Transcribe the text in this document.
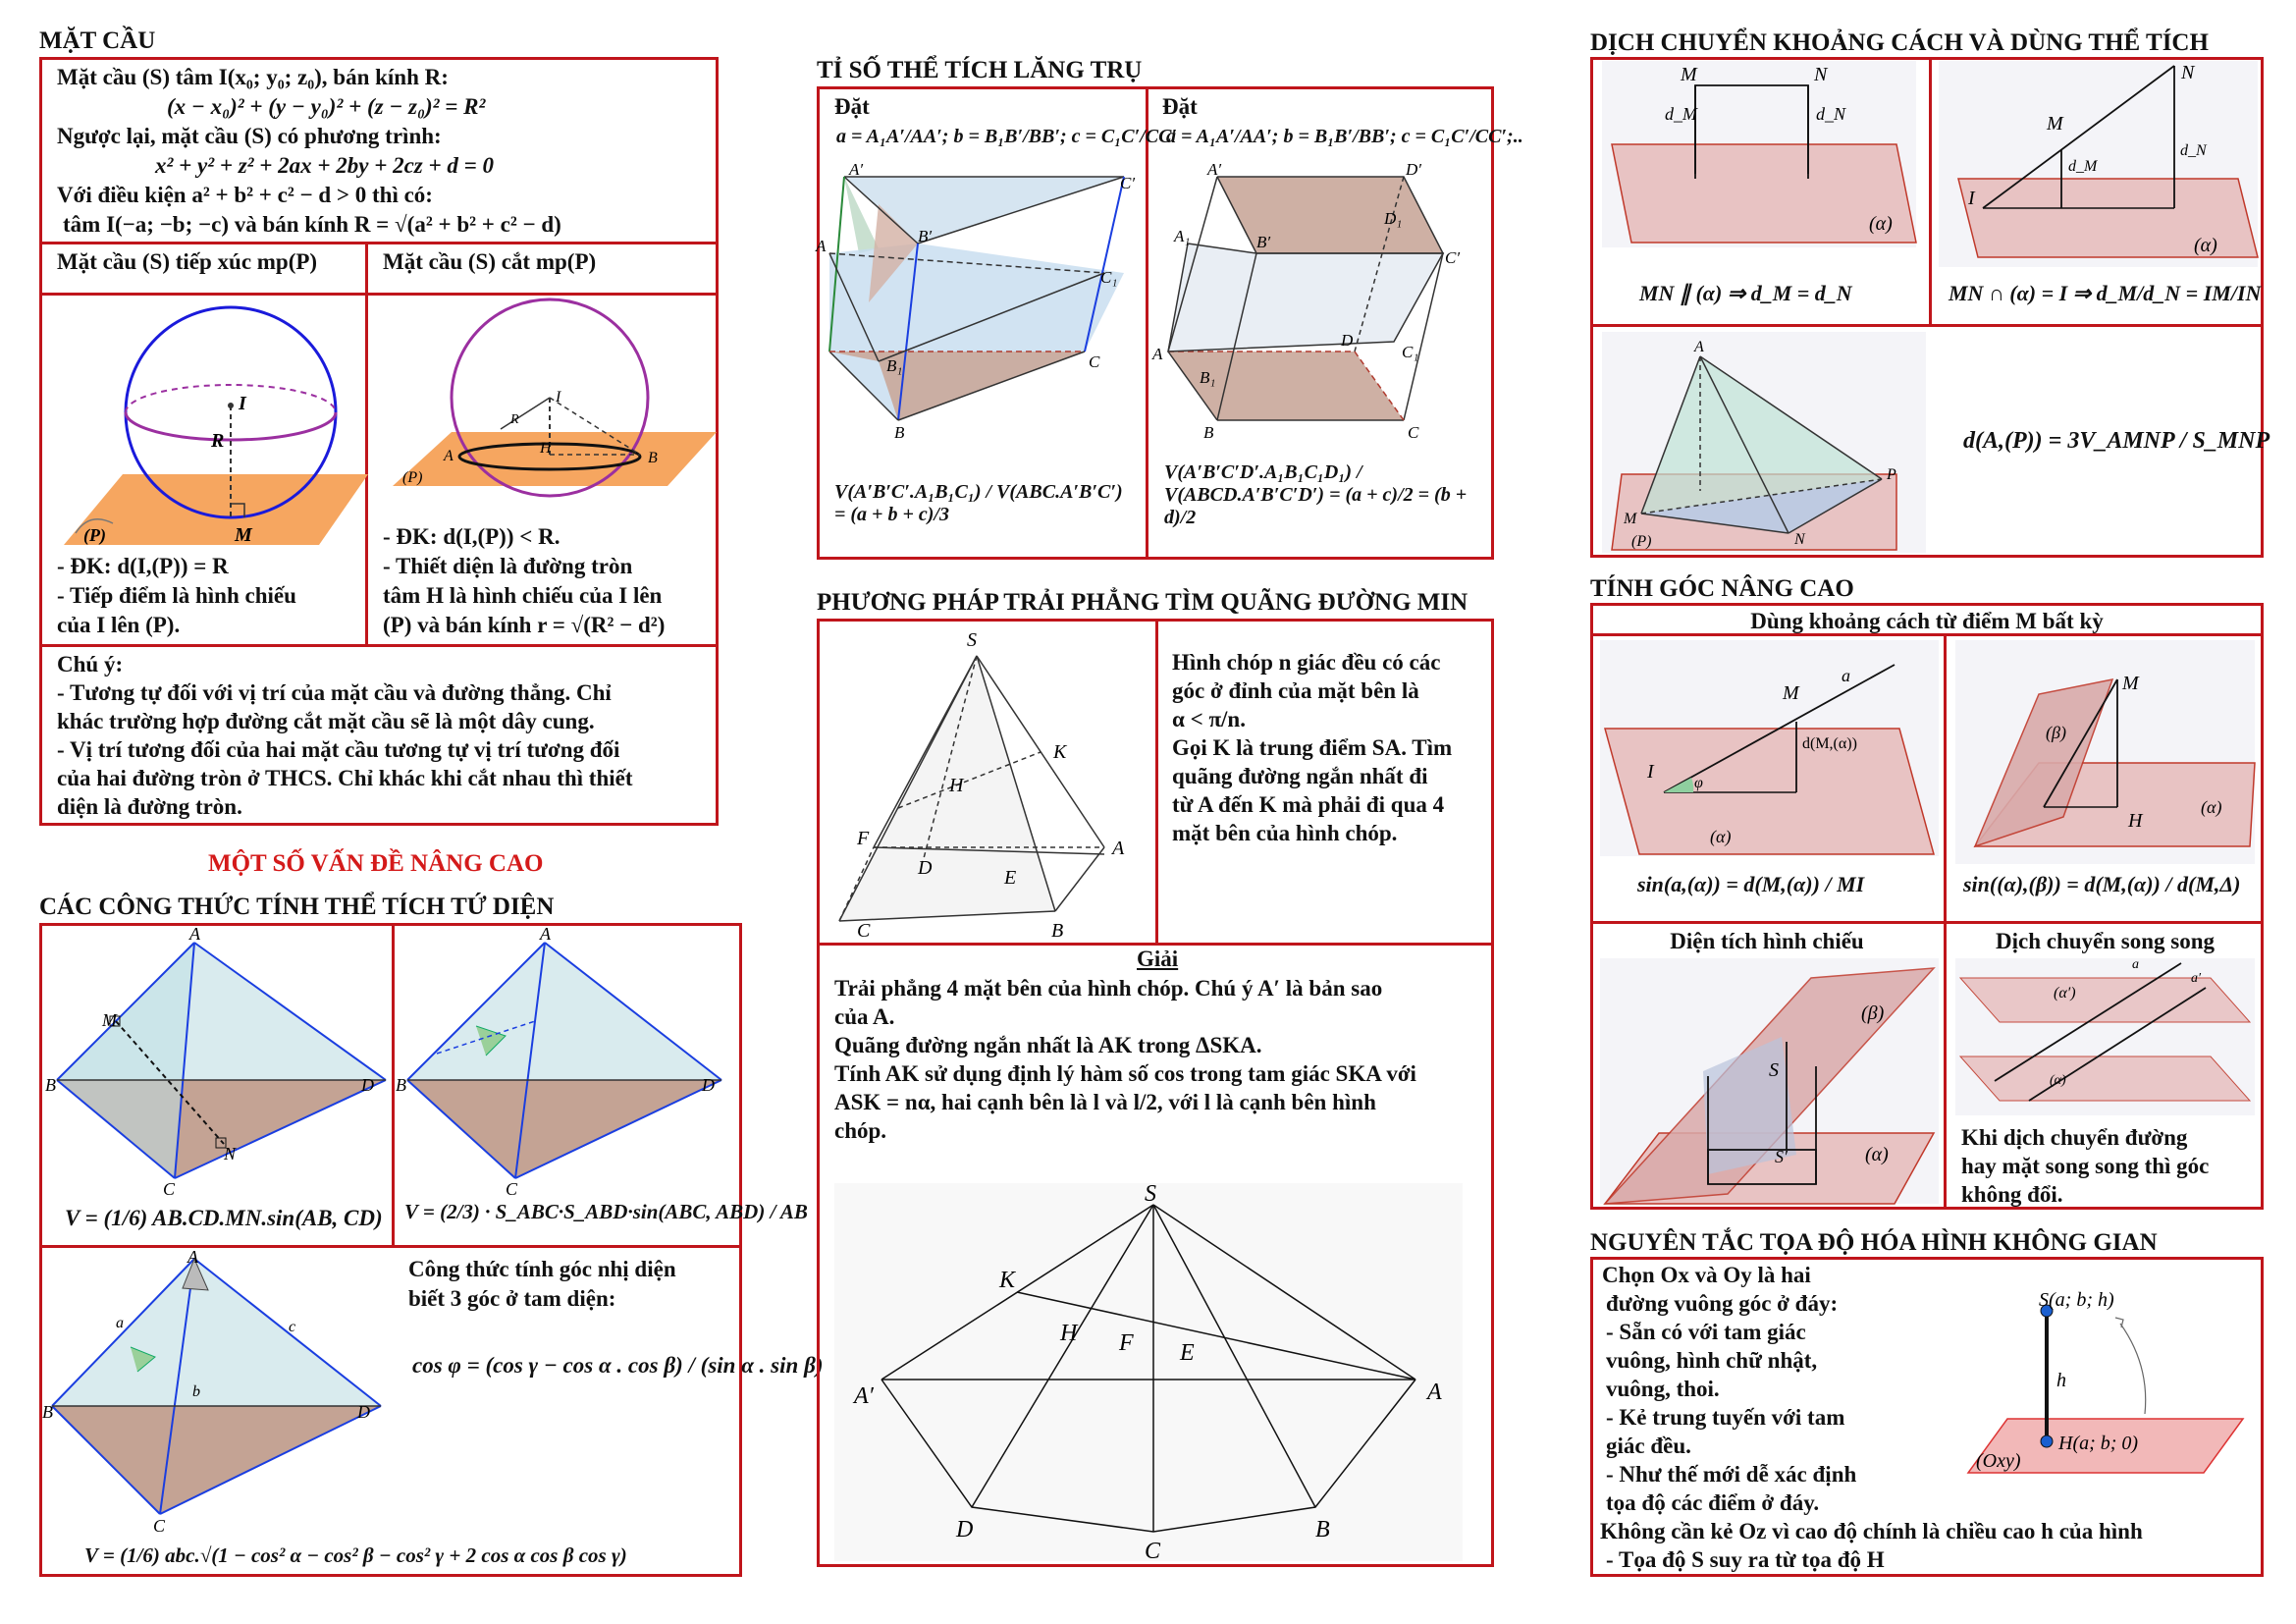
MẶT CẦU
Mặt cầu (S) tâm I(x₀; y₀; z₀), bán kính R:
(x − x₀)² + (y − y₀)² + (z − z₀)² = R²
Ngược lại, mặt cầu (S) có phương trình:
x² + y² + z² + 2ax + 2by + 2cz + d = 0
Với điều kiện a² + b² + c² − d > 0 thì có:
tâm I(−a; −b; −c) và bán kính R = √(a² + b² + c² − d)
Mặt cầu (S) tiếp xúc mp(P)	Mặt cầu (S) cắt mp(P)
I
R
M
(P)
I
R
H
A	B
(P)
- ĐK: d(I,(P)) = R
- Tiếp điểm là hình chiếu
của I lên (P).
- ĐK: d(I,(P)) < R.
- Thiết diện là đường tròn
tâm H là hình chiếu của I lên
(P) và bán kính r = √(R² − d²)
Chú ý:
- Tương tự đối với vị trí của mặt cầu và đường thẳng. Chỉ
khác trường hợp đường cắt mặt cầu sẽ là một dây cung.
- Vị trí tương đối của hai mặt cầu tương tự vị trí tương đối
của hai đường tròn ở THCS. Chỉ khác khi cắt nhau thì thiết
diện là đường tròn.
MỘT SỐ VẤN ĐỀ NÂNG CAO
CÁC CÔNG THỨC TÍNH THỂ TÍCH TỨ DIỆN
A
B	D
C
M
N
V = (1/6) AB.CD.MN.sin(AB, CD)
A
B	D
C
V = (2/3) · S_ABC·S_ABD·sin(ABC, ABD) / AB
A
B	D
C
a
b
c
Công thức tính góc nhị diện
biết 3 góc ở tam diện:
cos φ = (cos γ − cos α . cos β) / (sin α . sin β)
V = (1/6) abc.√(1 − cos² α − cos² β − cos² γ + 2 cos α cos β cos γ)
TỈ SỐ THỂ TÍCH LĂNG TRỤ
Đặt
a = A₁A′/AA′; b = B₁B′/BB′; c = C₁C′/CC′
Đặt
a = A₁A′/AA′; b = B₁B′/BB′; c = C₁C′/CC′;..
A′
C′
B′
A
C
C₁
B₁
B
A′	D′
B′
C′
D₁
A₁
C₁
A
B₁
D
B	C
V(A′B′C′.A₁B₁C₁) / V(ABC.A′B′C′) = (a + b + c)/3
V(A′B′C′D′.A₁B₁C₁D₁) / V(ABCD.A′B′C′D′) = (a + c)/2 = (b + d)/2
PHƯƠNG PHÁP TRẢI PHẲNG TÌM QUÃNG ĐƯỜNG MIN
S
K
H
F
D	E
A
C	B
Hình chóp n giác đều có các
góc ở đỉnh của mặt bên là
α < π/n.
Gọi K là trung điểm SA. Tìm
quãng đường ngắn nhất đi
từ A đến K mà phải đi qua 4
mặt bên của hình chóp.
Giải
Trải phẳng 4 mặt bên của hình chóp. Chú ý A′ là bản sao
của A.
Quãng đường ngắn nhất là AK trong ΔSKA.
Tính AK sử dụng định lý hàm số cos trong tam giác SKA với
ASK = nα, hai cạnh bên là l và l/2, với l là cạnh bên hình
chóp.
S
K
H F E
A′	A
D	B
C
DỊCH CHUYỂN KHOẢNG CÁCH VÀ DÙNG THỂ TÍCH
M	N
d_M	d_N
(α)
MN ∥ (α) ⇒ d_M = d_N
N
M
I
d_M
d_N
(α)
MN ∩ (α) = I ⇒ d_M/d_N = IM/IN
A
P
M
N
(P)
d(A,(P)) = 3V_AMNP / S_MNP
TÍNH GÓC NÂNG CAO
Dùng khoảng cách từ điểm M bất kỳ
I
M
a
d(M,(α))
φ
(α)
sin(a,(α)) = d(M,(α)) / MI
M
H
(β)
(α)
sin((α),(β)) = d(M,(α)) / d(M,Δ)
Diện tích hình chiếu	Dịch chuyển song song
S
S′
(β)
(α)
(α′)
(α)
a
a′
Khi dịch chuyển đường
hay mặt song song thì góc
không đổi.
NGUYÊN TẮC TỌA ĐỘ HÓA HÌNH KHÔNG GIAN
Chọn Ox và Oy là hai
đường vuông góc ở đáy:
- Sẵn có với tam giác
vuông, hình chữ nhật,
vuông, thoi.
- Kẻ trung tuyến với tam
giác đều.
- Như thế mới dễ xác định
tọa độ các điểm ở đáy.
Không cần kẻ Oz vì cao độ chính là chiều cao h của hình
- Tọa độ S suy ra từ tọa độ H
S(a; b; h)
h
H(a; b; 0)
(Oxy)
